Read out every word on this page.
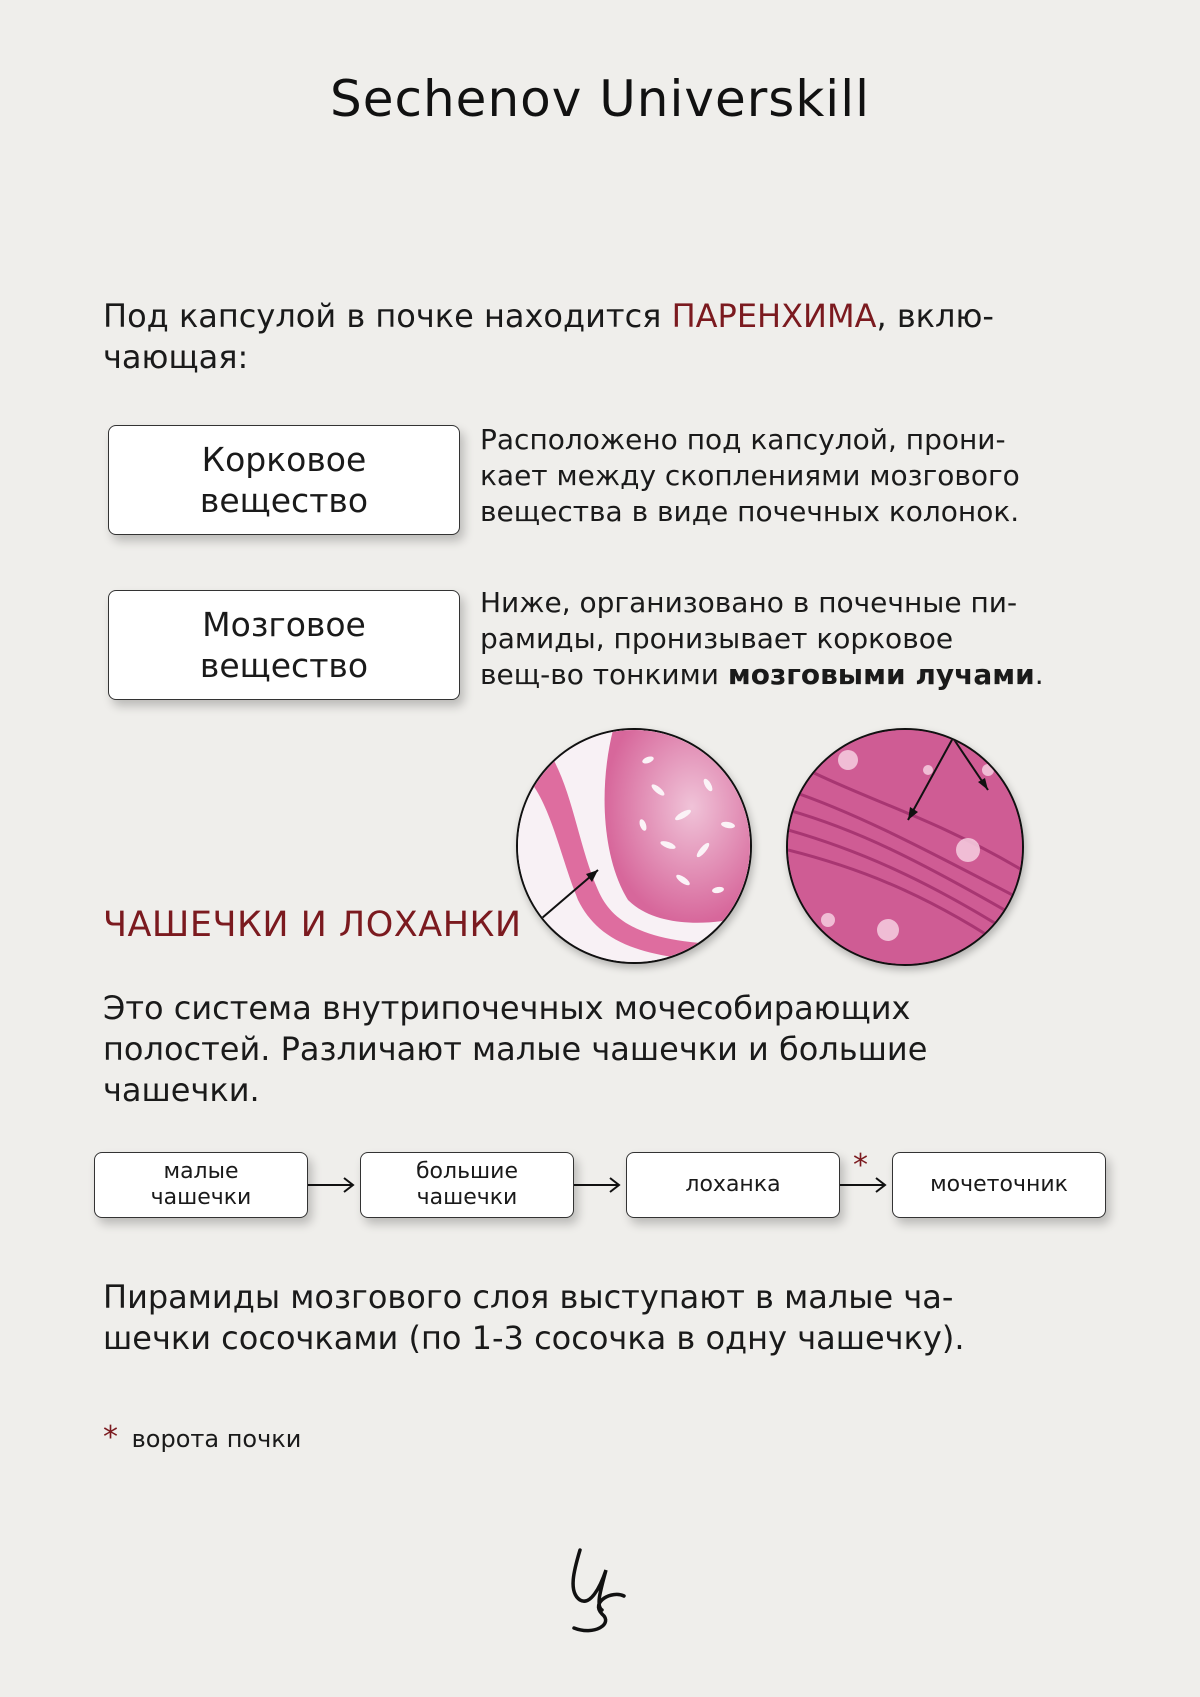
Sechenov Universkill
Под капсулой в почке находится ПАРЕНХИМА, вклю-
чающая:
Корковое
вещество
Расположено под капсулой, прони-
кает между скоплениями мозгового
вещества в виде почечных колонок.
Мозговое
вещество
Ниже, организовано в почечные пи-
рамиды, пронизывает корковое
вещ-во тонкими мозговыми лучами.
ЧАШЕЧКИ И ЛОХАНКИ
Это система внутрипочечных мочесобирающих
полостей. Различают малые чашечки и большие
чашечки.
малые
чашечки
большие
чашечки
лоханка
*
мочеточник
Пирамиды мозгового слоя выступают в малые ча-
шечки сосочками (по 1-3 сосочка в одну чашечку).
* ворота почки
